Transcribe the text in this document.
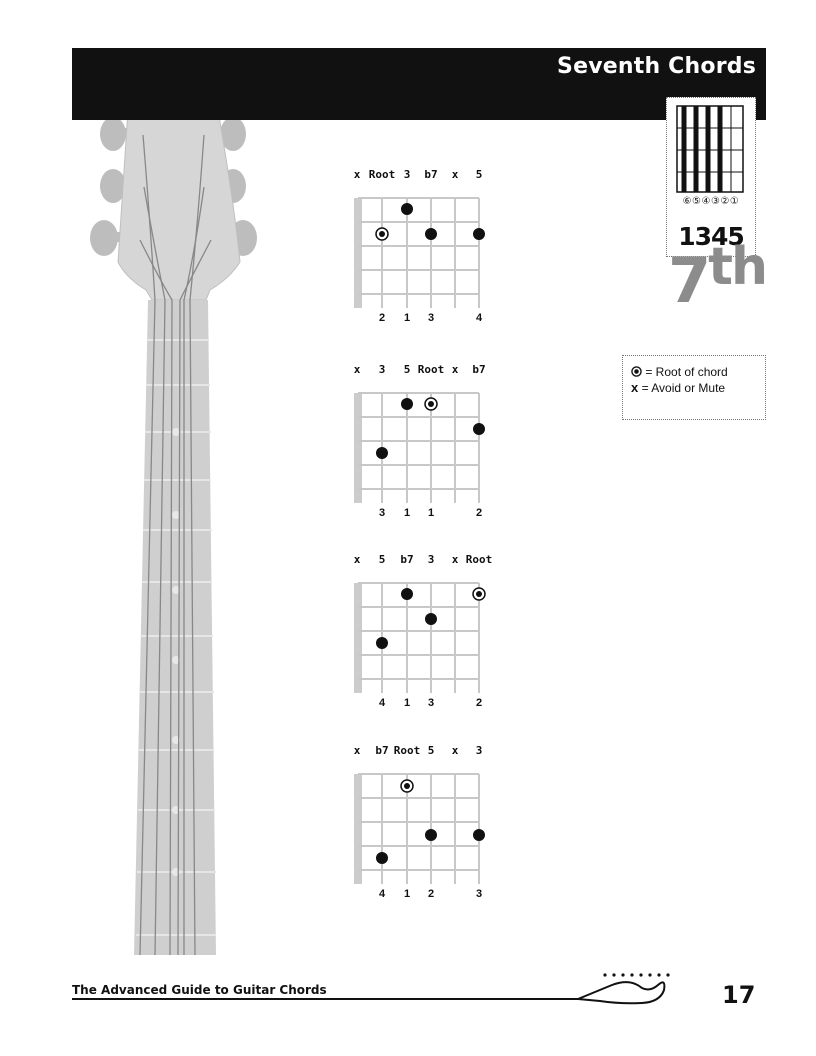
Seventh Chords
x Root 3 b7 x 5
2 1 3	4
x 3 5 Root x b7
3 1 1	2
x 5 b7 3 x Root
4 1 3	2
x b7 Root 5 x 3
4 1 2	3
⑥⑤④③②①
1345
7th
= Root of chord
x = Avoid or Mute
The Advanced Guide to Guitar Chords	17
